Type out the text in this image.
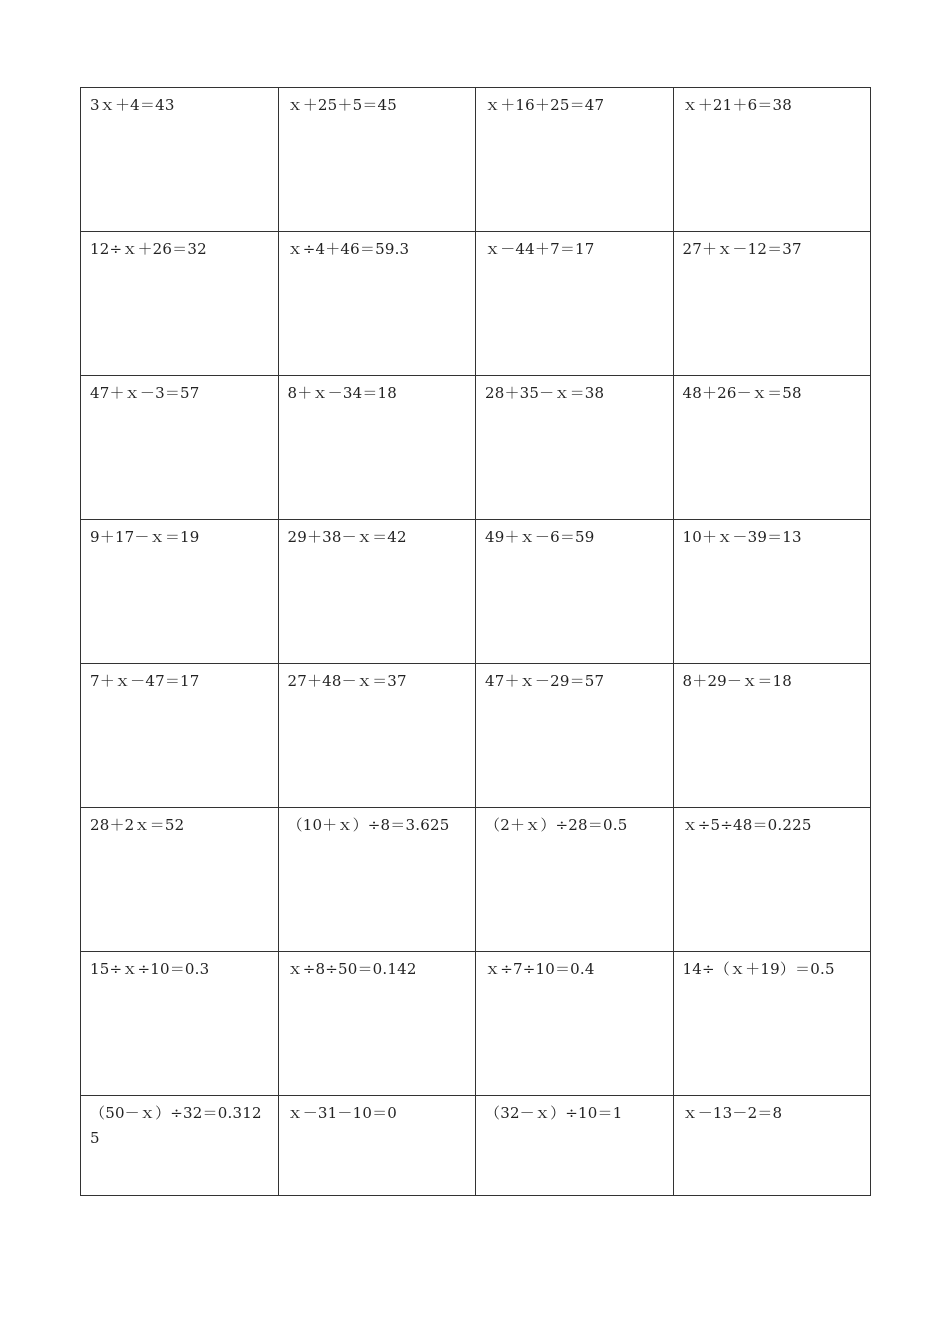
3ｘ＋4＝43	ｘ＋25＋5＝45	ｘ＋16＋25＝47	ｘ＋21＋6＝38

12÷ｘ＋26＝32	ｘ÷4＋46＝59.3	ｘ－44＋7＝17	27＋ｘ－12＝37

47＋ｘ－3＝57	8＋ｘ－34＝18	28＋35－ｘ＝38	48＋26－ｘ＝58

9＋17－ｘ＝19	29＋38－ｘ＝42	49＋ｘ－6＝59	10＋ｘ－39＝13

7＋ｘ－47＝17	27＋48－ｘ＝37	47＋ｘ－29＝57	8＋29－ｘ＝18

28＋2ｘ＝52	（10＋ｘ）÷8＝3.625	（2＋ｘ）÷28＝0.5	ｘ÷5÷48＝0.225

15÷ｘ÷10＝0.3	ｘ÷8÷50＝0.142	ｘ÷7÷10＝0.4	14÷（ｘ＋19）＝0.5

（50－ｘ）÷32＝0.3125	ｘ－31－10＝0	（32－ｘ）÷10＝1	ｘ－13－2＝8
